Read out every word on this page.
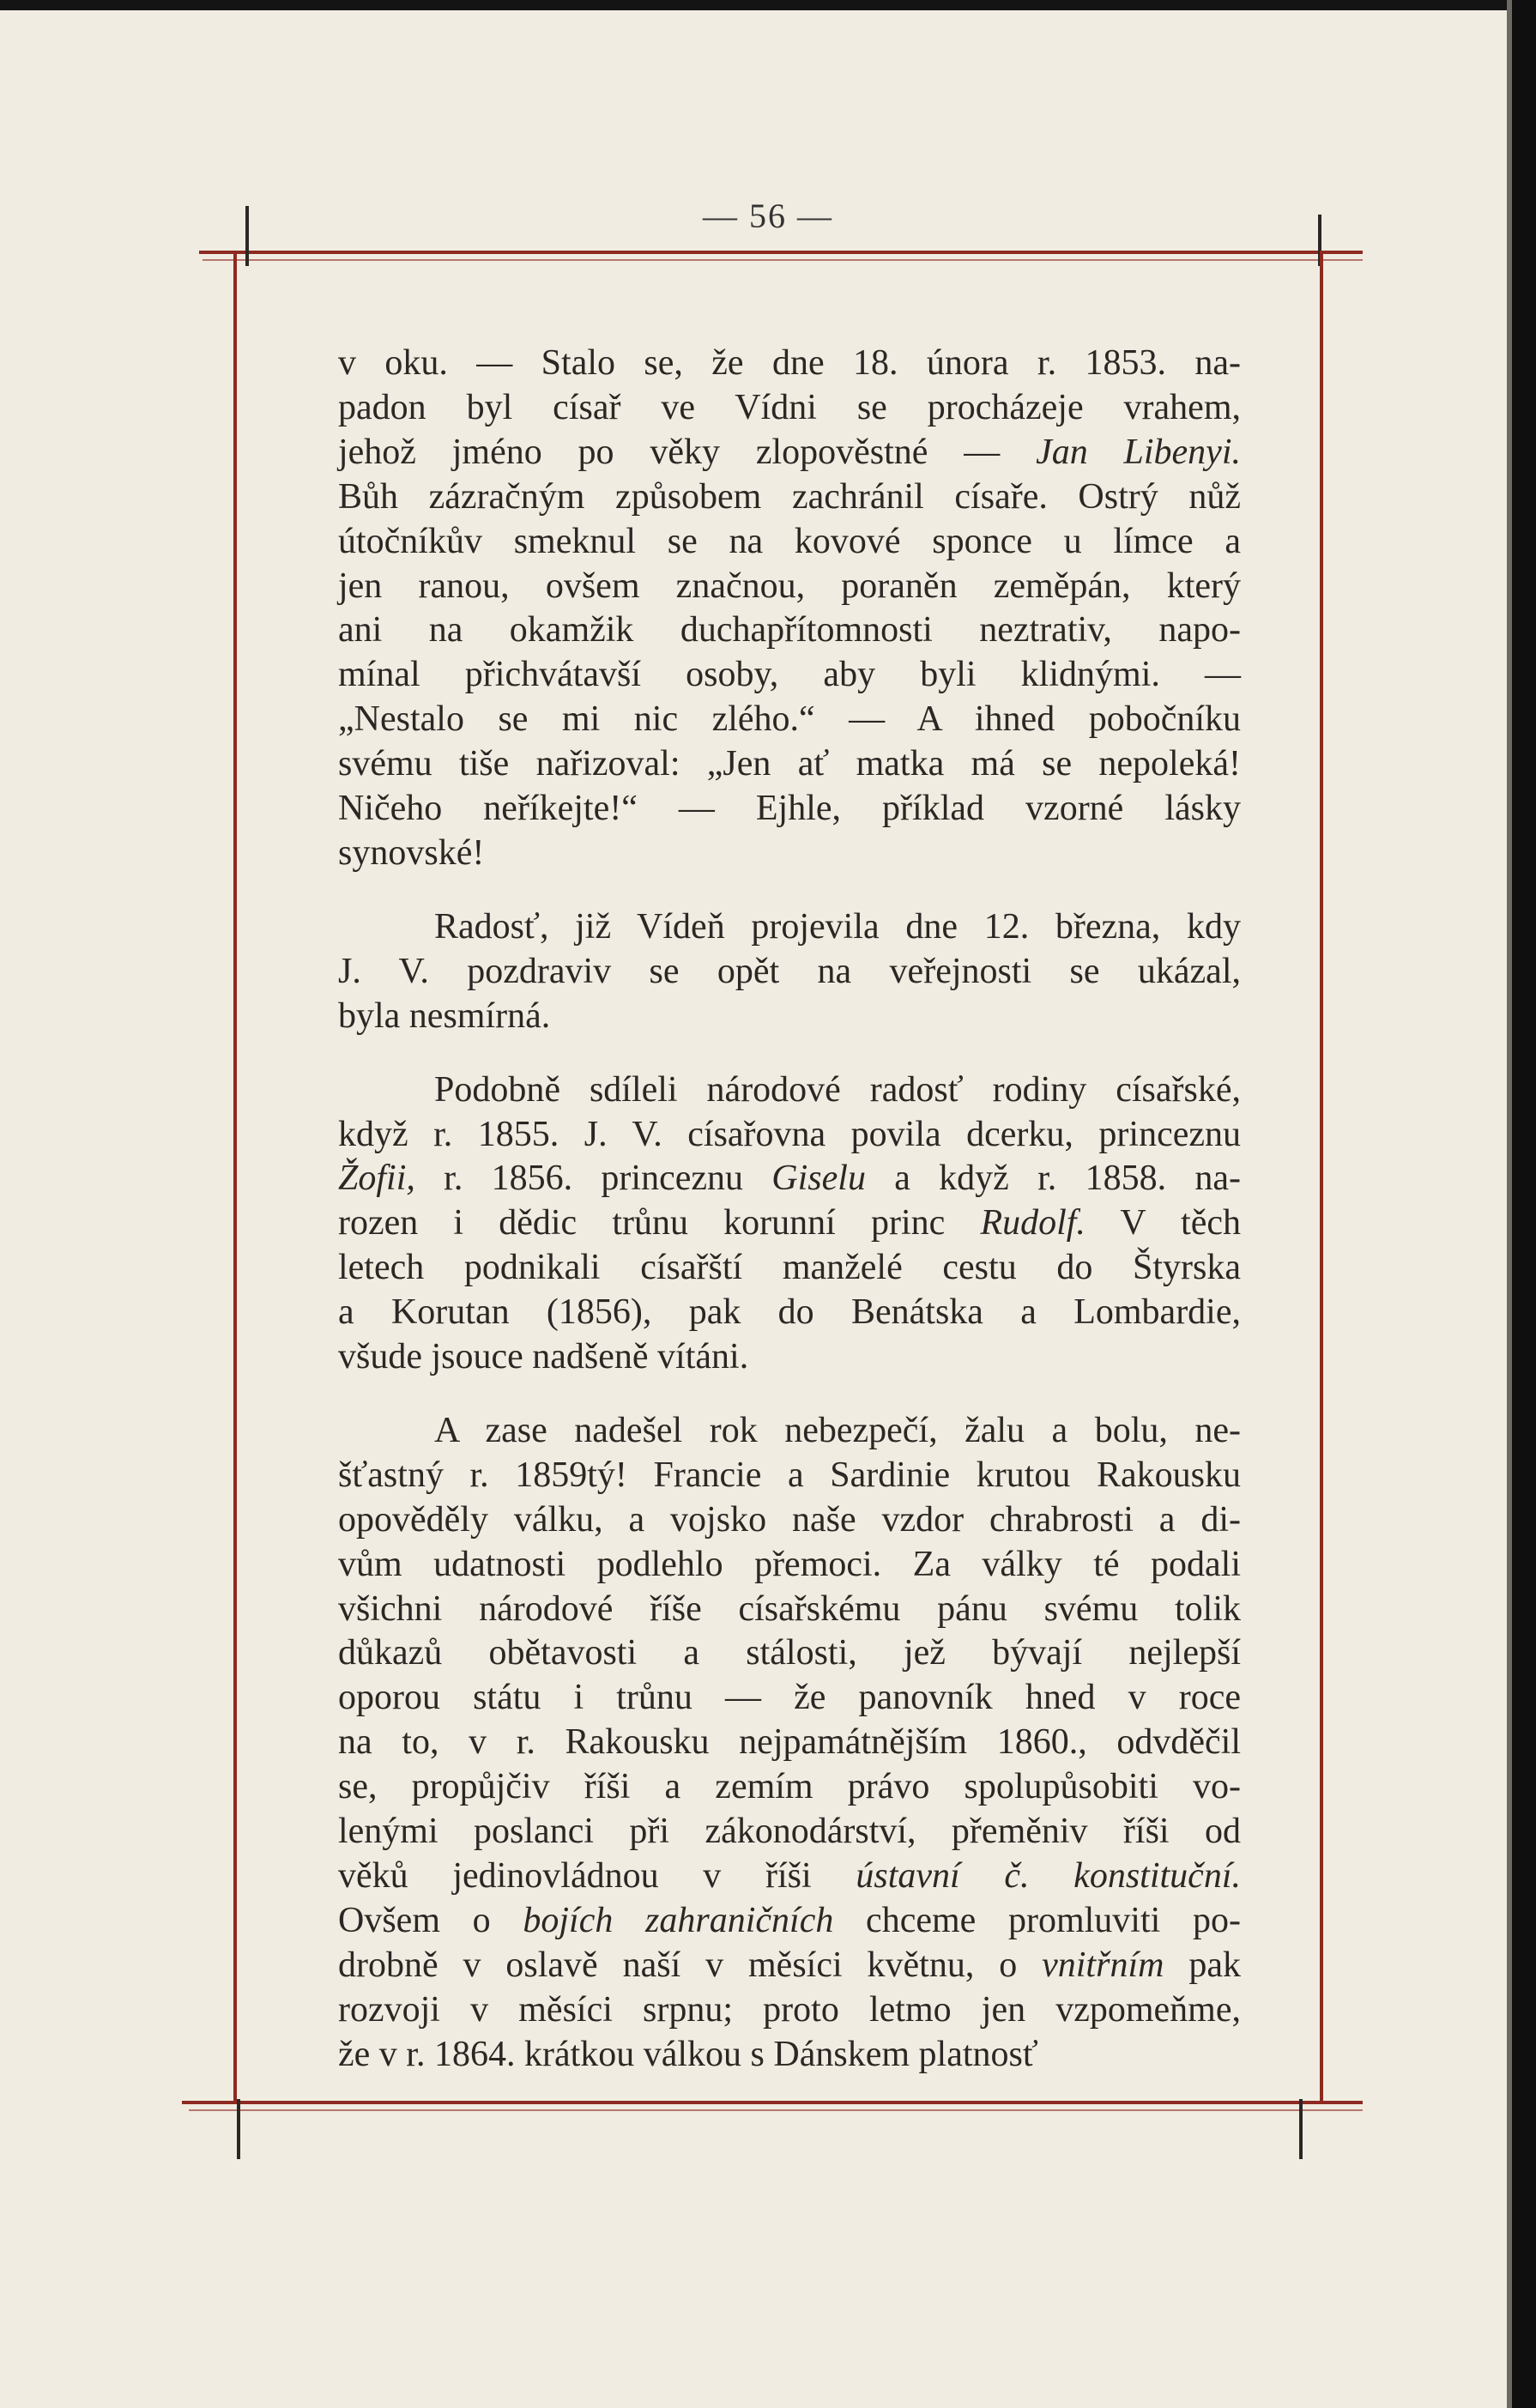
— 56 —
v oku. — Stalo se, že dne 18. února r. 1853. na-
padon byl císař ve Vídni se procházeje vrahem,
jehož jméno po věky zlopověstné — Jan Libenyi.
Bůh zázračným způsobem zachránil císaře. Ostrý nůž
útočníkův smeknul se na kovové sponce u límce a
jen ranou, ovšem značnou, poraněn zeměpán, který
ani na okamžik duchapřítomnosti neztrativ, napo-
mínal přichvátavší osoby, aby byli klidnými. —
„Nestalo se mi nic zlého.“ — A ihned pobočníku
svému tiše nařizoval: „Jen ať matka má se nepoleká!
Ničeho neříkejte!“ — Ejhle, příklad vzorné lásky
synovské!
Radosť, již Vídeň projevila dne 12. března, kdy
J. V. pozdraviv se opět na veřejnosti se ukázal,
byla nesmírná.
Podobně sdíleli národové radosť rodiny císařské,
když r. 1855. J. V. císařovna povila dcerku, princeznu
Žofii, r. 1856. princeznu Giselu a když r. 1858. na-
rozen i dědic trůnu korunní princ Rudolf. V těch
letech podnikali císařští manželé cestu do Štyrska
a Korutan (1856), pak do Benátska a Lombardie,
všude jsouce nadšeně vítáni.
A zase nadešel rok nebezpečí, žalu a bolu, ne-
šťastný r. 1859tý! Francie a Sardinie krutou Rakousku
opověděly válku, a vojsko naše vzdor chrabrosti a di-
vům udatnosti podlehlo přemoci. Za války té podali
všichni národové říše císařskému pánu svému tolik
důkazů obětavosti a stálosti, jež bývají nejlepší
oporou státu i trůnu — že panovník hned v roce
na to, v r. Rakousku nejpamátnějším 1860., odvděčil
se, propůjčiv říši a zemím právo spolupůsobiti vo-
lenými poslanci při zákonodárství, přeměniv říši od
věků jedinovládnou v říši ústavní č. konstituční.
Ovšem o bojích zahraničních chceme promluviti po-
drobně v oslavě naší v měsíci květnu, o vnitřním pak
rozvoji v měsíci srpnu; proto letmo jen vzpomeňme,
že v r. 1864. krátkou válkou s Dánskem platnosť
